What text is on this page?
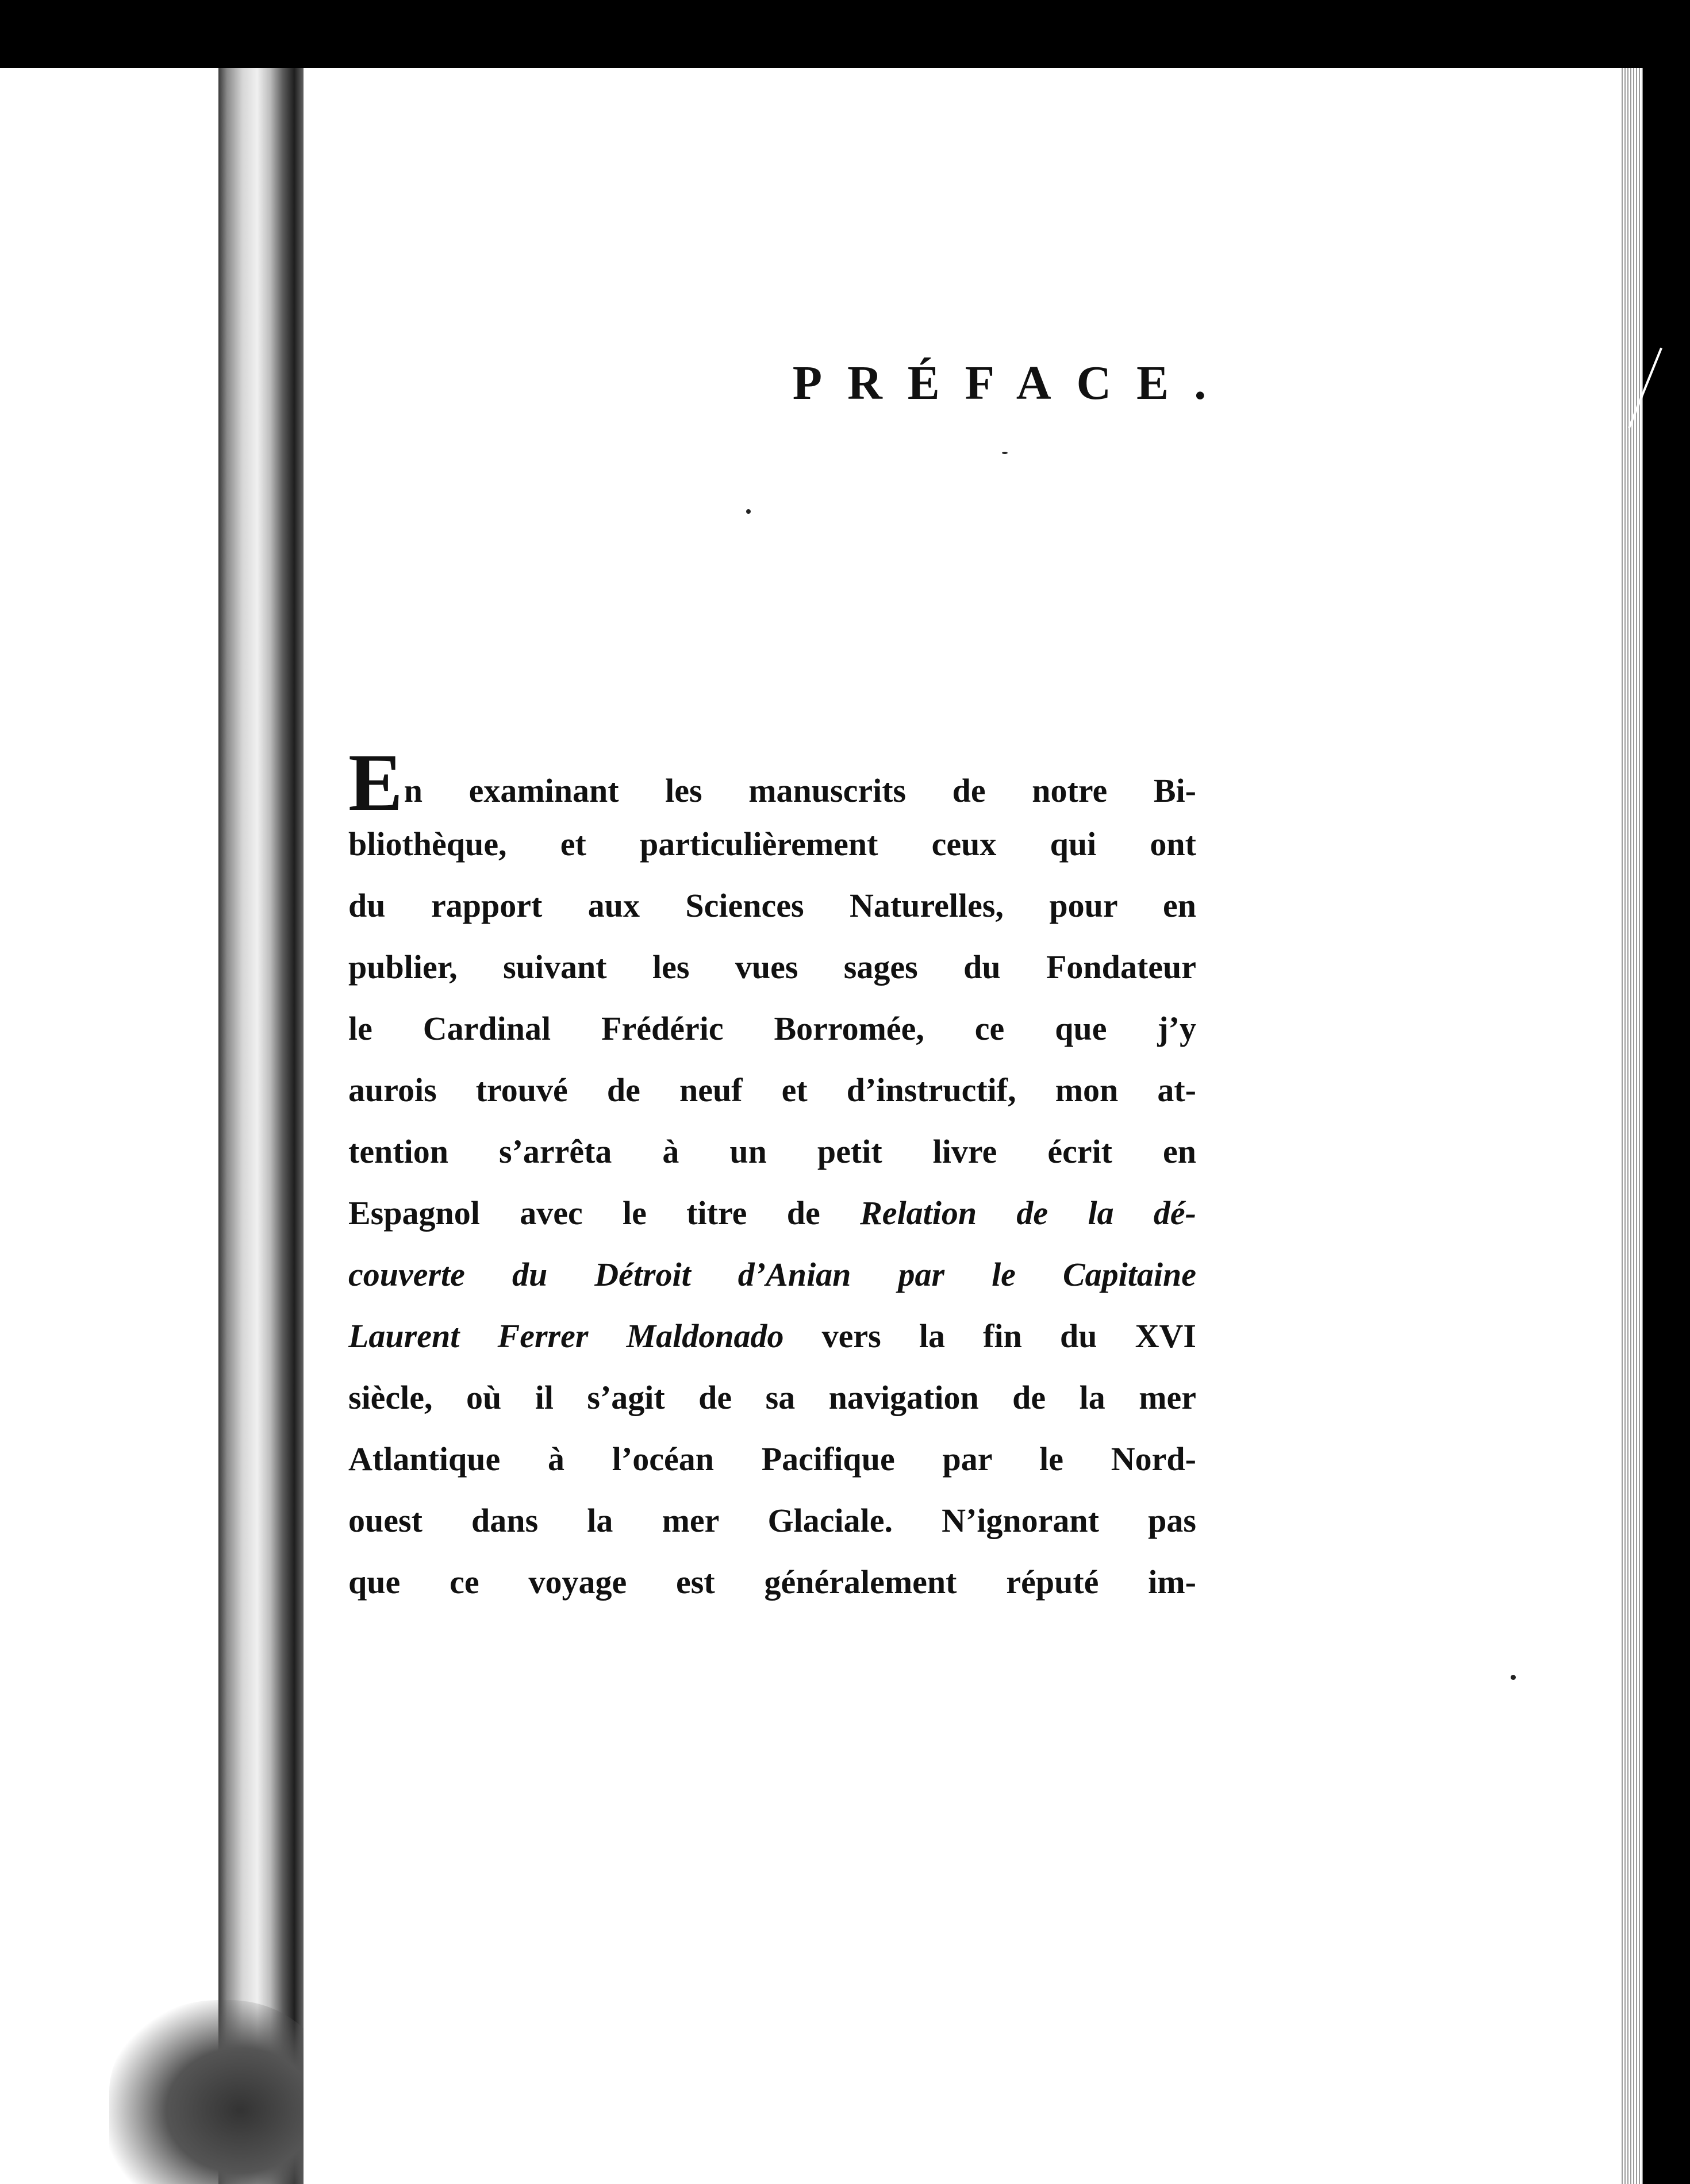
PRÉFACE.
En examinant les manuscrits de notre Bi-
bliothèque, et particulièrement ceux qui ont
du rapport aux Sciences Naturelles, pour en
publier, suivant les vues sages du Fondateur
le Cardinal Frédéric Borromée, ce que j’y
aurois trouvé de neuf et d’instructif, mon at-
tention s’arrêta à un petit livre écrit en
Espagnol avec le titre de Relation de la dé-
couverte du Détroit d’Anian par le Capitaine
Laurent Ferrer Maldonado vers la fin du XVI
siècle, où il s’agit de sa navigation de la mer
Atlantique à l’océan Pacifique par le Nord-
ouest dans la mer Glaciale. N’ignorant pas
que ce voyage est généralement réputé im-
